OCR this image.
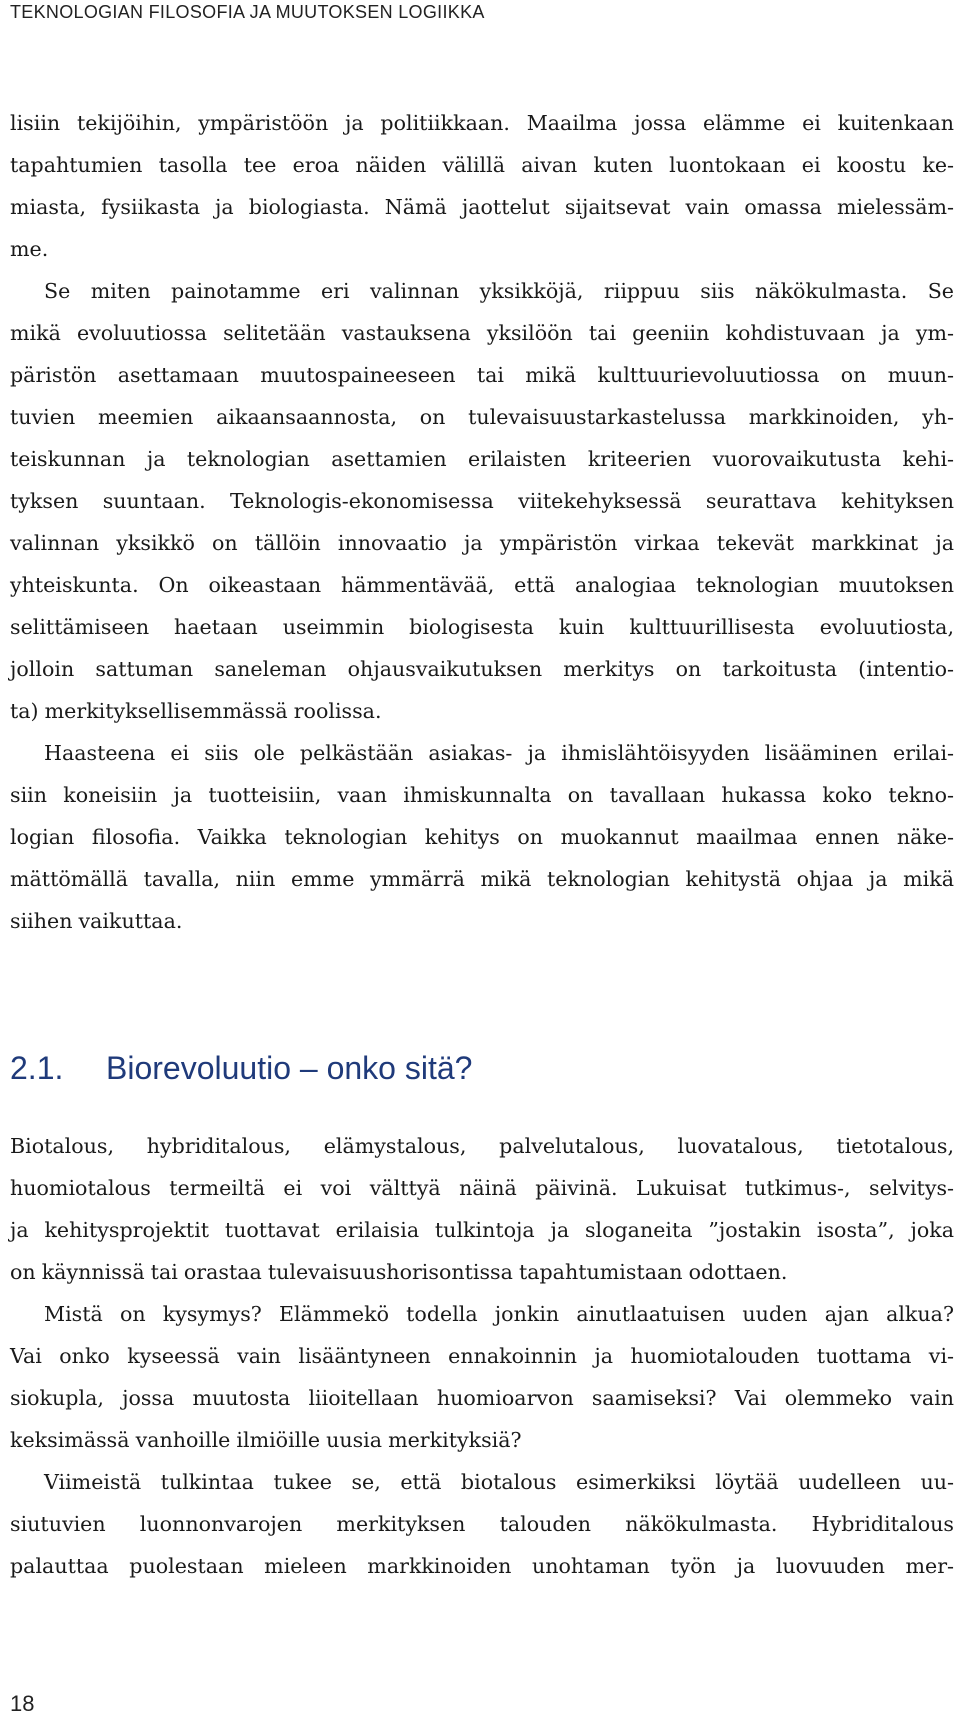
TEKNOLOGIAN FILOSOFIA JA MUUTOKSEN LOGIIKKA
lisiin tekijöihin, ympäristöön ja politiikkaan. Maailma jossa elämme ei kuitenkaan
tapahtumien tasolla tee eroa näiden välillä aivan kuten luontokaan ei koostu ke-
miasta, fysiikasta ja biologiasta. Nämä jaottelut sijaitsevat vain omassa mielessäm-
me.
Se miten painotamme eri valinnan yksikköjä, riippuu siis näkökulmasta. Se
mikä evoluutiossa selitetään vastauksena yksilöön tai geeniin kohdistuvaan ja ym-
päristön asettamaan muutospaineeseen tai mikä kulttuurievoluutiossa on muun-
tuvien meemien aikaansaannosta, on tulevaisuustarkastelussa markkinoiden, yh-
teiskunnan ja teknologian asettamien erilaisten kriteerien vuorovaikutusta kehi-
tyksen suuntaan. Teknologis-ekonomisessa viitekehyksessä seurattava kehityksen
valinnan yksikkö on tällöin innovaatio ja ympäristön virkaa tekevät markkinat ja
yhteiskunta. On oikeastaan hämmentävää, että analogiaa teknologian muutoksen
selittämiseen haetaan useimmin biologisesta kuin kulttuurillisesta evoluutiosta,
jolloin sattuman saneleman ohjausvaikutuksen merkitys on tarkoitusta (intentio-
ta) merkityksellisemmässä roolissa.
Haasteena ei siis ole pelkästään asiakas- ja ihmislähtöisyyden lisääminen erilai-
siin koneisiin ja tuotteisiin, vaan ihmiskunnalta on tavallaan hukassa koko tekno-
logian filosofia. Vaikka teknologian kehitys on muokannut maailmaa ennen näke-
mättömällä tavalla, niin emme ymmärrä mikä teknologian kehitystä ohjaa ja mikä
siihen vaikuttaa.
2.1. Biorevoluutio – onko sitä?
Biotalous, hybriditalous, elämystalous, palvelutalous, luovatalous, tietotalous,
huomiotalous termeiltä ei voi välttyä näinä päivinä. Lukuisat tutkimus-, selvitys-
ja kehitysprojektit tuottavat erilaisia tulkintoja ja sloganeita ”jostakin isosta”, joka
on käynnissä tai orastaa tulevaisuushorisontissa tapahtumistaan odottaen.
Mistä on kysymys? Elämmekö todella jonkin ainutlaatuisen uuden ajan alkua?
Vai onko kyseessä vain lisääntyneen ennakoinnin ja huomiotalouden tuottama vi-
siokupla, jossa muutosta liioitellaan huomioarvon saamiseksi? Vai olemmeko vain
keksimässä vanhoille ilmiöille uusia merkityksiä?
Viimeistä tulkintaa tukee se, että biotalous esimerkiksi löytää uudelleen uu-
siutuvien luonnonvarojen merkityksen talouden näkökulmasta. Hybriditalous
palauttaa puolestaan mieleen markkinoiden unohtaman työn ja luovuuden mer-
18
